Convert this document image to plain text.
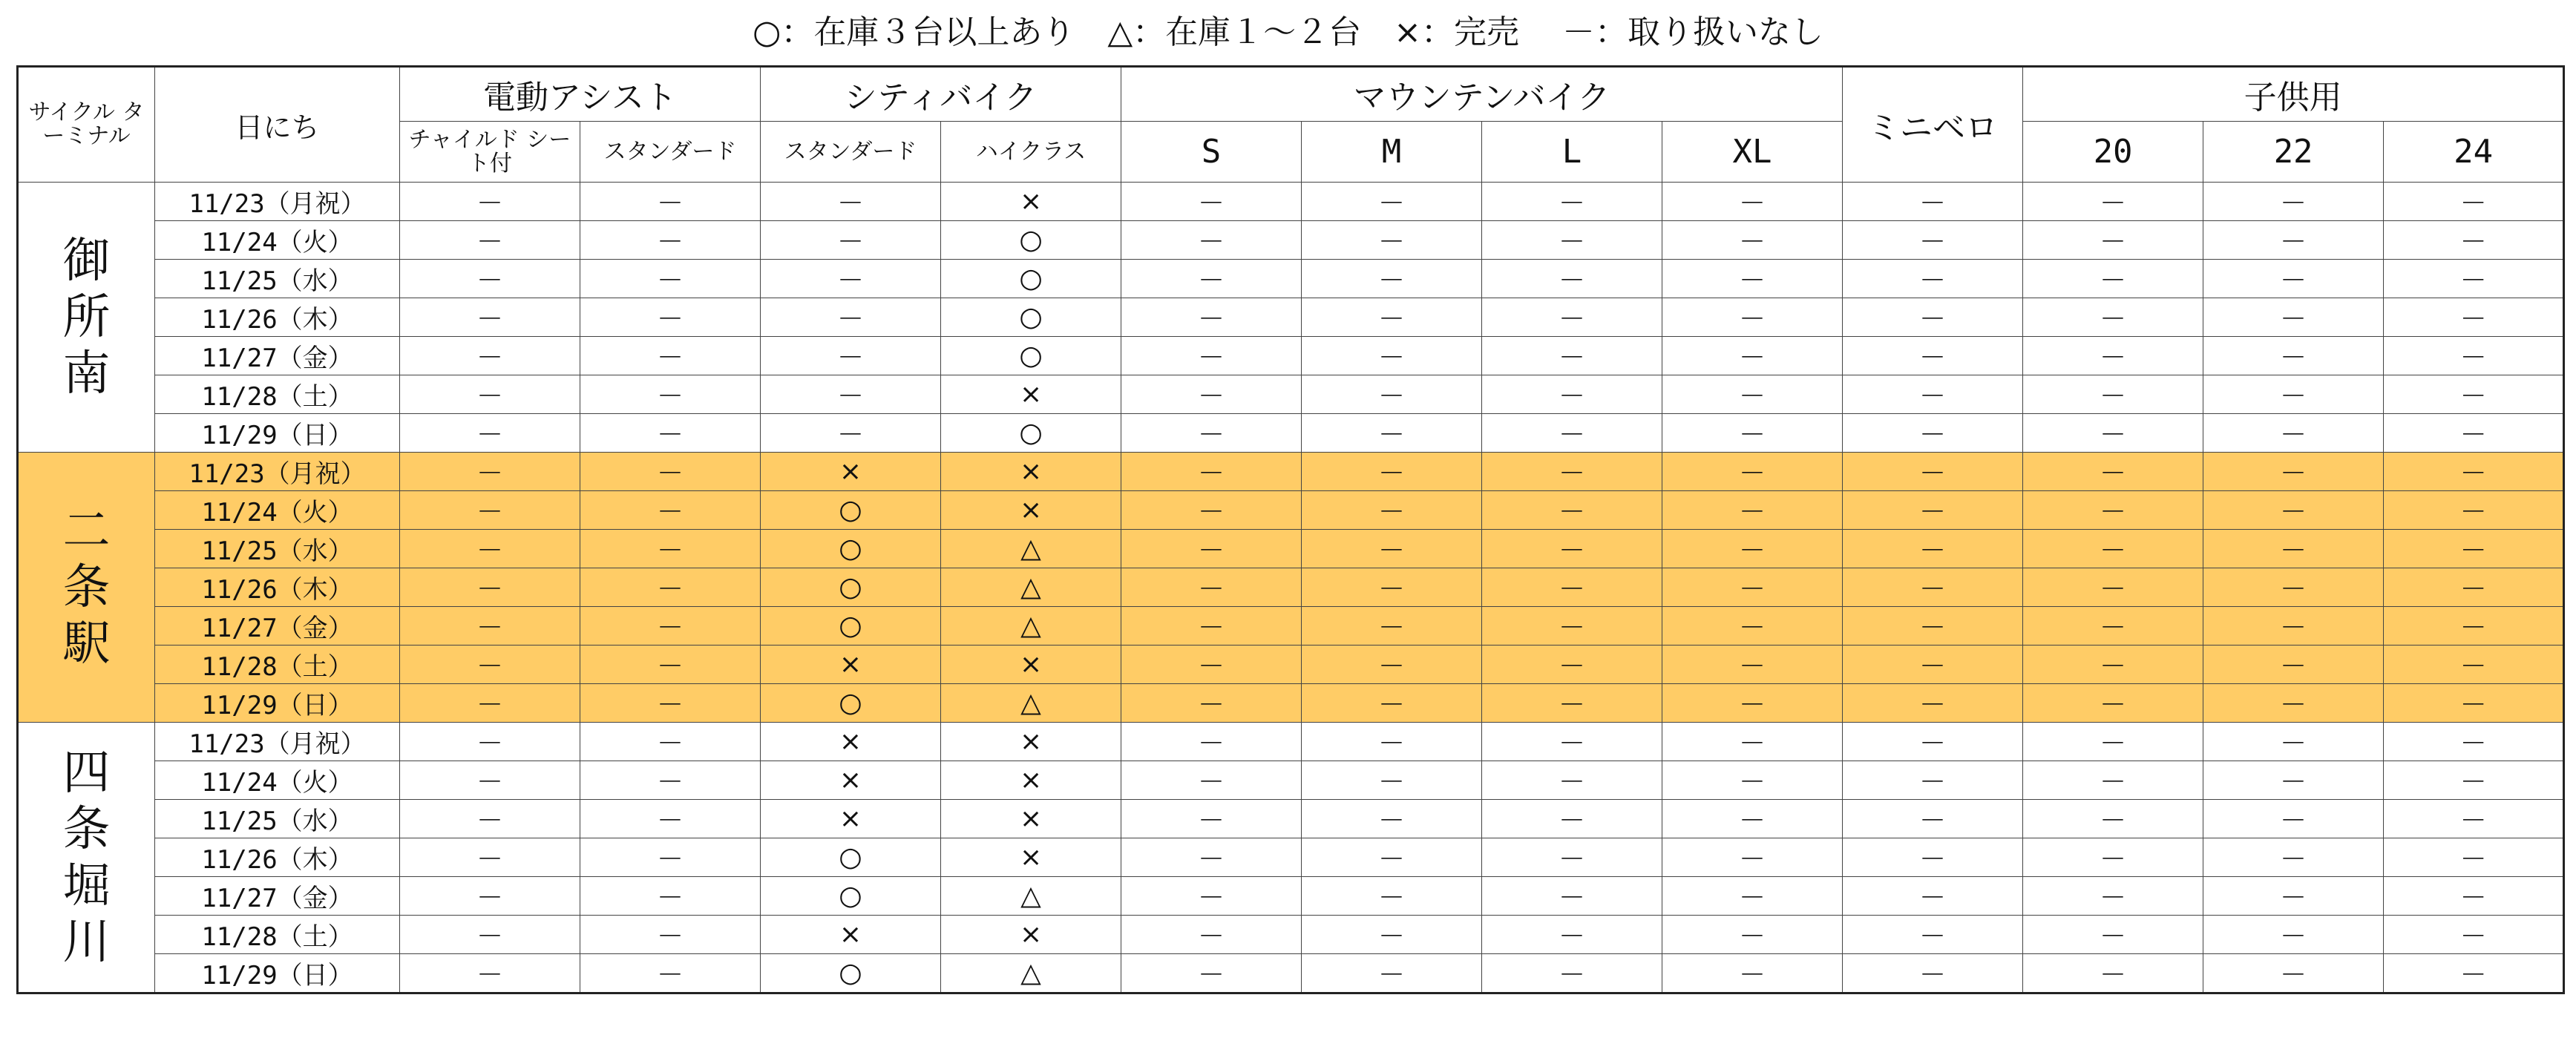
○：在庫３台以上あり　△：在庫１～２台　×：完売　 －：取り扱いなし
サイクル ターミナル	日にち	電動アシスト		シティバイク		マウンテンバイク				ミニベロ	子供用		
		チャイルド シート付	スタンダード	スタンダード	ハイクラス	S	M	L	XL		20	22	24

御所南	11/23（月祝）	－	－	－	×	－	－	－	－	－	－	－	－
	11/24（火）	－	－	－	○	－	－	－	－	－	－	－	－
	11/25（水）	－	－	－	○	－	－	－	－	－	－	－	－
	11/26（木）	－	－	－	○	－	－	－	－	－	－	－	－
	11/27（金）	－	－	－	○	－	－	－	－	－	－	－	－
	11/28（土）	－	－	－	×	－	－	－	－	－	－	－	－
	11/29（日）	－	－	－	○	－	－	－	－	－	－	－	－

二条駅	11/23（月祝）	－	－	×	×	－	－	－	－	－	－	－	－
	11/24（火）	－	－	○	×	－	－	－	－	－	－	－	－
	11/25（水）	－	－	○	△	－	－	－	－	－	－	－	－
	11/26（木）	－	－	○	△	－	－	－	－	－	－	－	－
	11/27（金）	－	－	○	△	－	－	－	－	－	－	－	－
	11/28（土）	－	－	×	×	－	－	－	－	－	－	－	－
	11/29（日）	－	－	○	△	－	－	－	－	－	－	－	－

四条堀川	11/23（月祝）	－	－	×	×	－	－	－	－	－	－	－	－
	11/24（火）	－	－	×	×	－	－	－	－	－	－	－	－
	11/25（水）	－	－	×	×	－	－	－	－	－	－	－	－
	11/26（木）	－	－	○	×	－	－	－	－	－	－	－	－
	11/27（金）	－	－	○	△	－	－	－	－	－	－	－	－
	11/28（土）	－	－	×	×	－	－	－	－	－	－	－	－
	11/29（日）	－	－	○	△	－	－	－	－	－	－	－	－
